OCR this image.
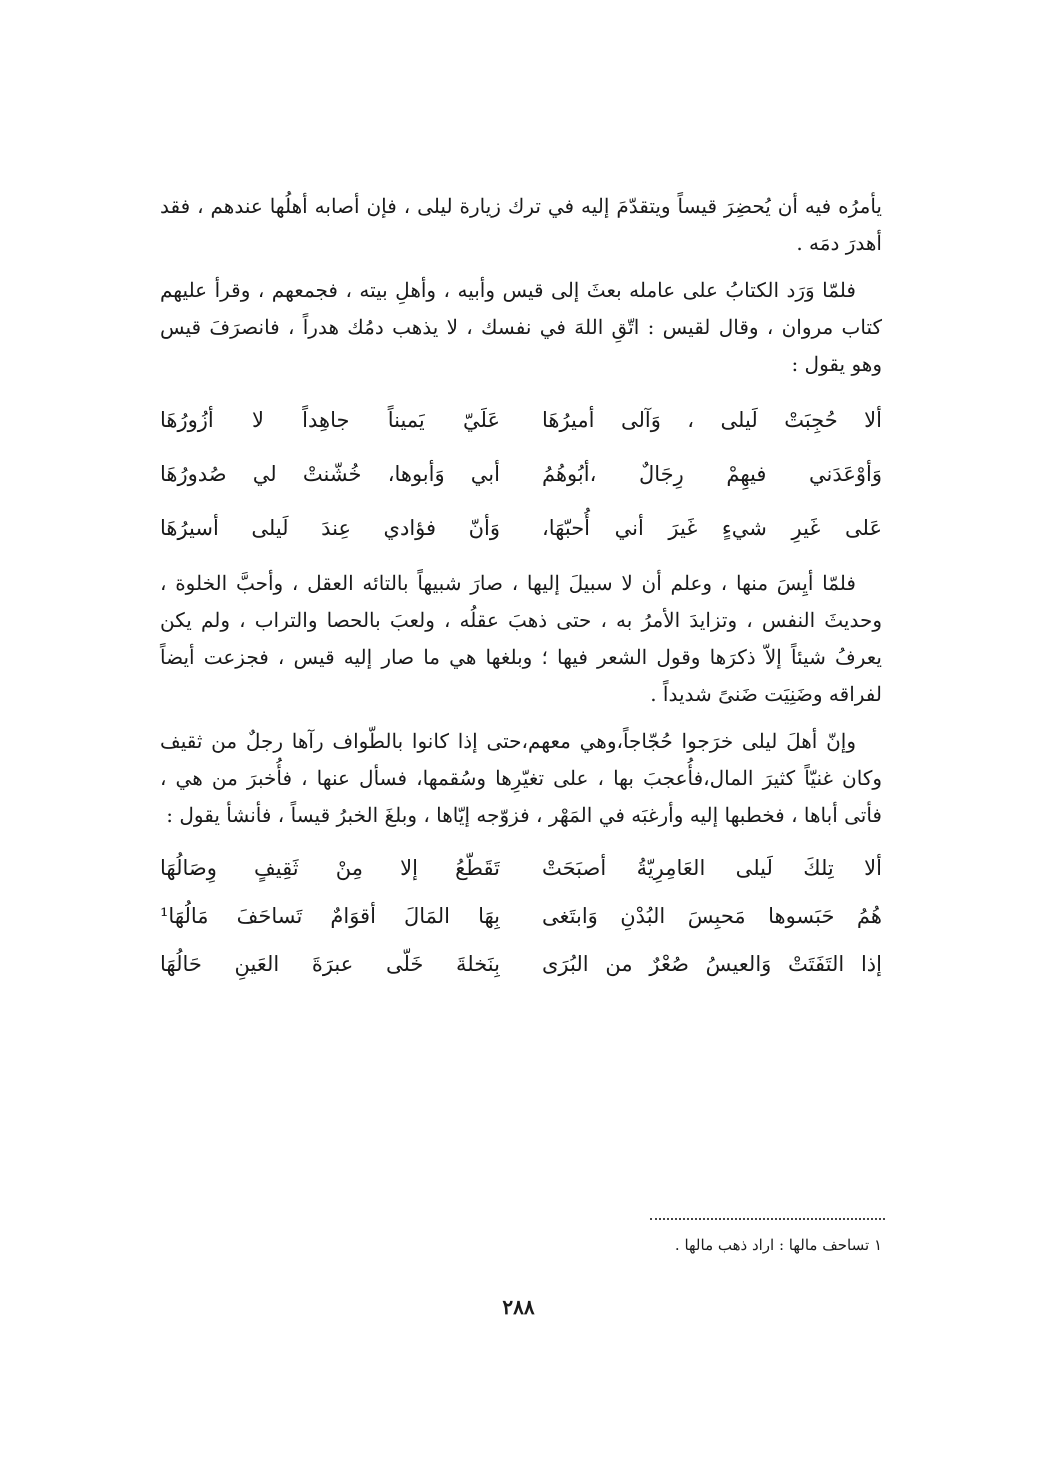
يأمرُه فيه أن يُحضِرَ قيساً ويتقدّمَ إليه في ترك زيارة ليلى ، فإن أصابه أهلُها عندهم ، فقد أهدرَ دمَه .

فلمّا وَرَد الكتابُ على عامله بعثَ إلى قيس وأبيه ، وأهلِ بيته ، فجمعهم ، وقرأ عليهم كتاب مروان ، وقال لقيس : اتّقِ اللهَ في نفسك ، لا يذهب دمُك هدراً ، فانصرَفَ قيس وهو يقول :

ألا حُجِبَتْ لَيلى ، وَآلى أميرُهَا
عَلَيّ يَميناً جاهِداً لا أزُورُهَا
وَأوْعَدَني فيهِمْ رِجَالٌ ،أبُوهُمُ
أبي وَأبوها، خُشّنتْ لي صُدورُهَا
عَلى غَيرِ شيءٍ غَيرَ أني أُحبّهَا،
وَأنّ فؤادي عِندَ لَيلى أسيرُهَا

فلمّا أيِسَ منها ، وعلم أن لا سبيلَ إليها ، صارَ شبيهاً بالتائه العقل ، وأحبَّ الخلوة ، وحديثَ النفس ، وتزايدَ الأمرُ به ، حتى ذهبَ عقلُه ، ولعبَ بالحصا والتراب ، ولم يكن يعرفُ شيئاً إلاّ ذكرَها وقول الشعر فيها ؛ وبلغها هي ما صار إليه قيس ، فجزعت أيضاً لفراقه وضَنِيَت ضَنىً شديداً .

وإنّ أهلَ ليلى خرَجوا حُجّاجاً،وهي معهم،حتى إذا كانوا بالطّواف رآها رجلٌ من ثقيف وكان غنيّاً كثيرَ المال،فأُعجبَ بها ، على تغيّرِها وسُقمها، فسأل عنها ، فأُخبرَ من هي ، فأتى أباها ، فخطبها إليه وأرغبَه في المَهْر ، فزوّجه إيّاها ، وبلغَ الخبرُ قيساً ، فأنشأ يقول :

ألا تِلكَ لَيلى العَامِرِيّةُ أصبَحَتْ
تَقَطّعُ إلا مِنْ ثَقِيفٍ وِصَالُهَا
هُمُ حَبَسوها مَحبِسَ البُدْنِ وَابتَغى
بِهَا المَالَ أقوَامٌ تَساحَفَ مَالُهَا¹
إذا التَفَتَتْ وَالعيسُ صُعْرٌ من البُرَى
بِنَخلةَ خَلّى عبرَةَ العَينِ حَالُهَا
١ تساحف مالها : اراد ذهب مالها .
٢٨٨
